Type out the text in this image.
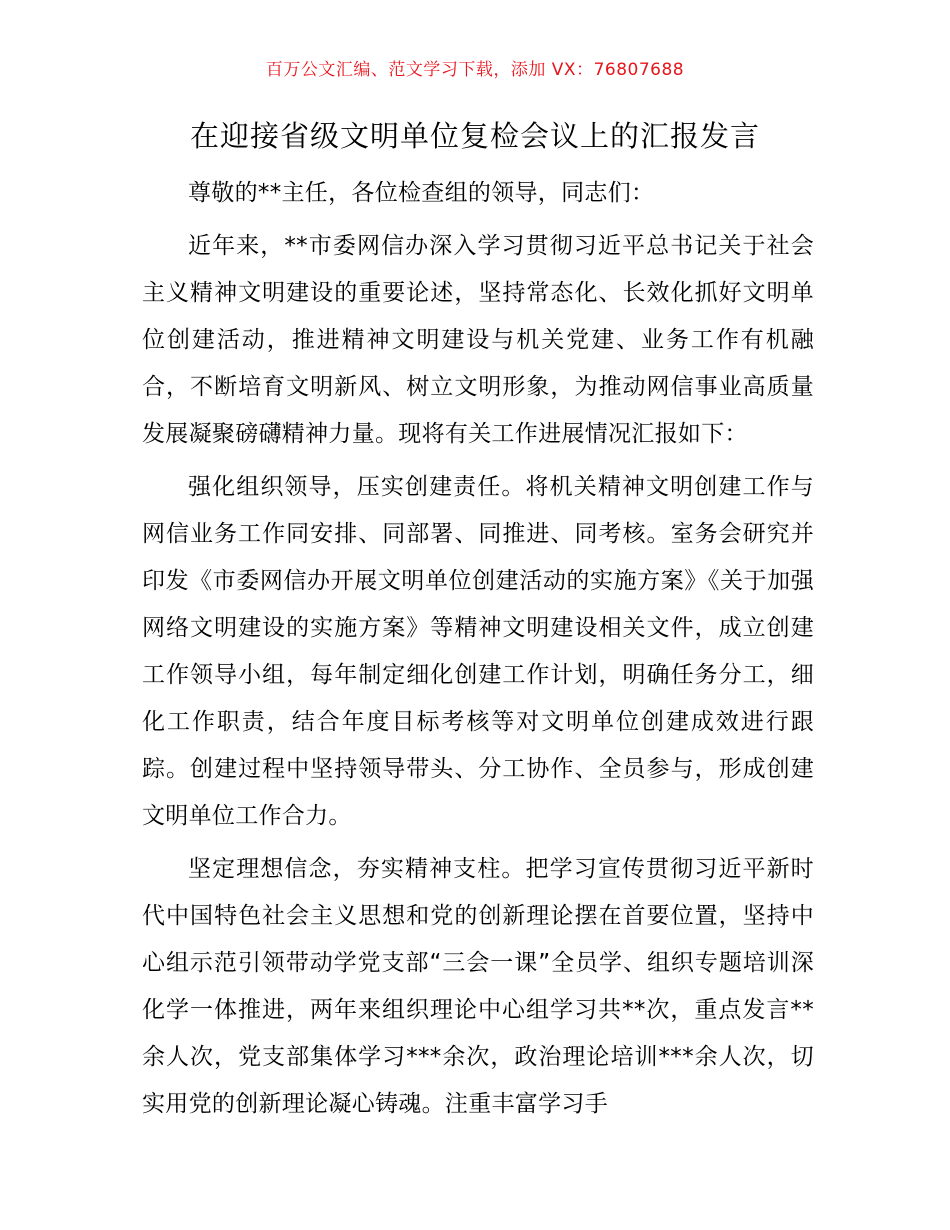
百万公文汇编、范文学习下载，添加 VX：76807688
在迎接省级文明单位复检会议上的汇报发言

尊敬的**主任，各位检查组的领导，同志们：

近年来，**市委网信办深入学习贯彻习近平总书记关于社会主义精神文明建设的重要论述，坚持常态化、长效化抓好文明单位创建活动，推进精神文明建设与机关党建、业务工作有机融合，不断培育文明新风、树立文明形象，为推动网信事业高质量发展凝聚磅礴精神力量。现将有关工作进展情况汇报如下：

强化组织领导，压实创建责任。将机关精神文明创建工作与网信业务工作同安排、同部署、同推进、同考核。室务会研究并印发《市委网信办开展文明单位创建活动的实施方案》《关于加强网络文明建设的实施方案》等精神文明建设相关文件，成立创建工作领导小组，每年制定细化创建工作计划，明确任务分工，细化工作职责，结合年度目标考核等对文明单位创建成效进行跟踪。创建过程中坚持领导带头、分工协作、全员参与，形成创建文明单位工作合力。

坚定理想信念，夯实精神支柱。把学习宣传贯彻习近平新时代中国特色社会主义思想和党的创新理论摆在首要位置，坚持中心组示范引领带动学党支部“三会一课”全员学、组织专题培训深化学一体推进，两年来组织理论中心组学习共**次，重点发言**余人次，党支部集体学习***余次，政治理论培训***余人次，切实用党的创新理论凝心铸魂。注重丰富学习手
